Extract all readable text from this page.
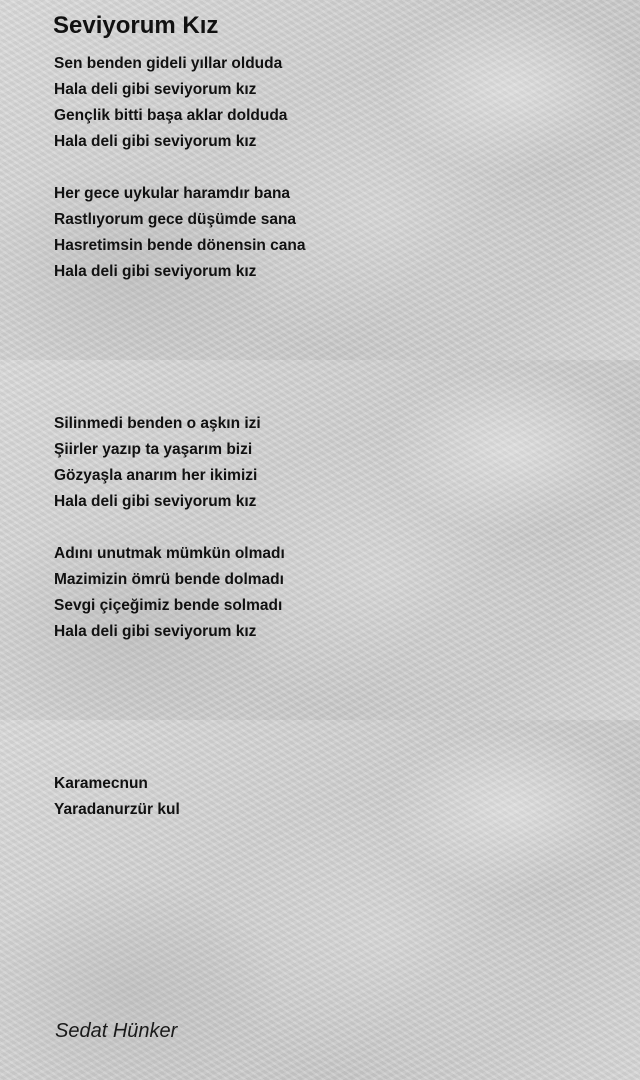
Seviyorum Kız
Sen benden gideli yıllar olduda
Hala deli gibi seviyorum kız
Gençlik bitti başa aklar dolduda
Hala deli gibi seviyorum kız
Her gece uykular haramdır bana
Rastlıyorum gece düşümde sana
Hasretimsin bende dönensin cana
Hala deli gibi seviyorum kız
Silinmedi benden o aşkın izi
Şiirler yazıp ta yaşarım bizi
Gözyaşla anarım her ikimizi
Hala deli gibi seviyorum kız
Adını unutmak mümkün olmadı
Mazimizin ömrü bende dolmadı
Sevgi çiçeğimiz bende solmadı
Hala deli gibi seviyorum kız
Karamecnun
Yaradanurzür kul
Sedat Hünker
